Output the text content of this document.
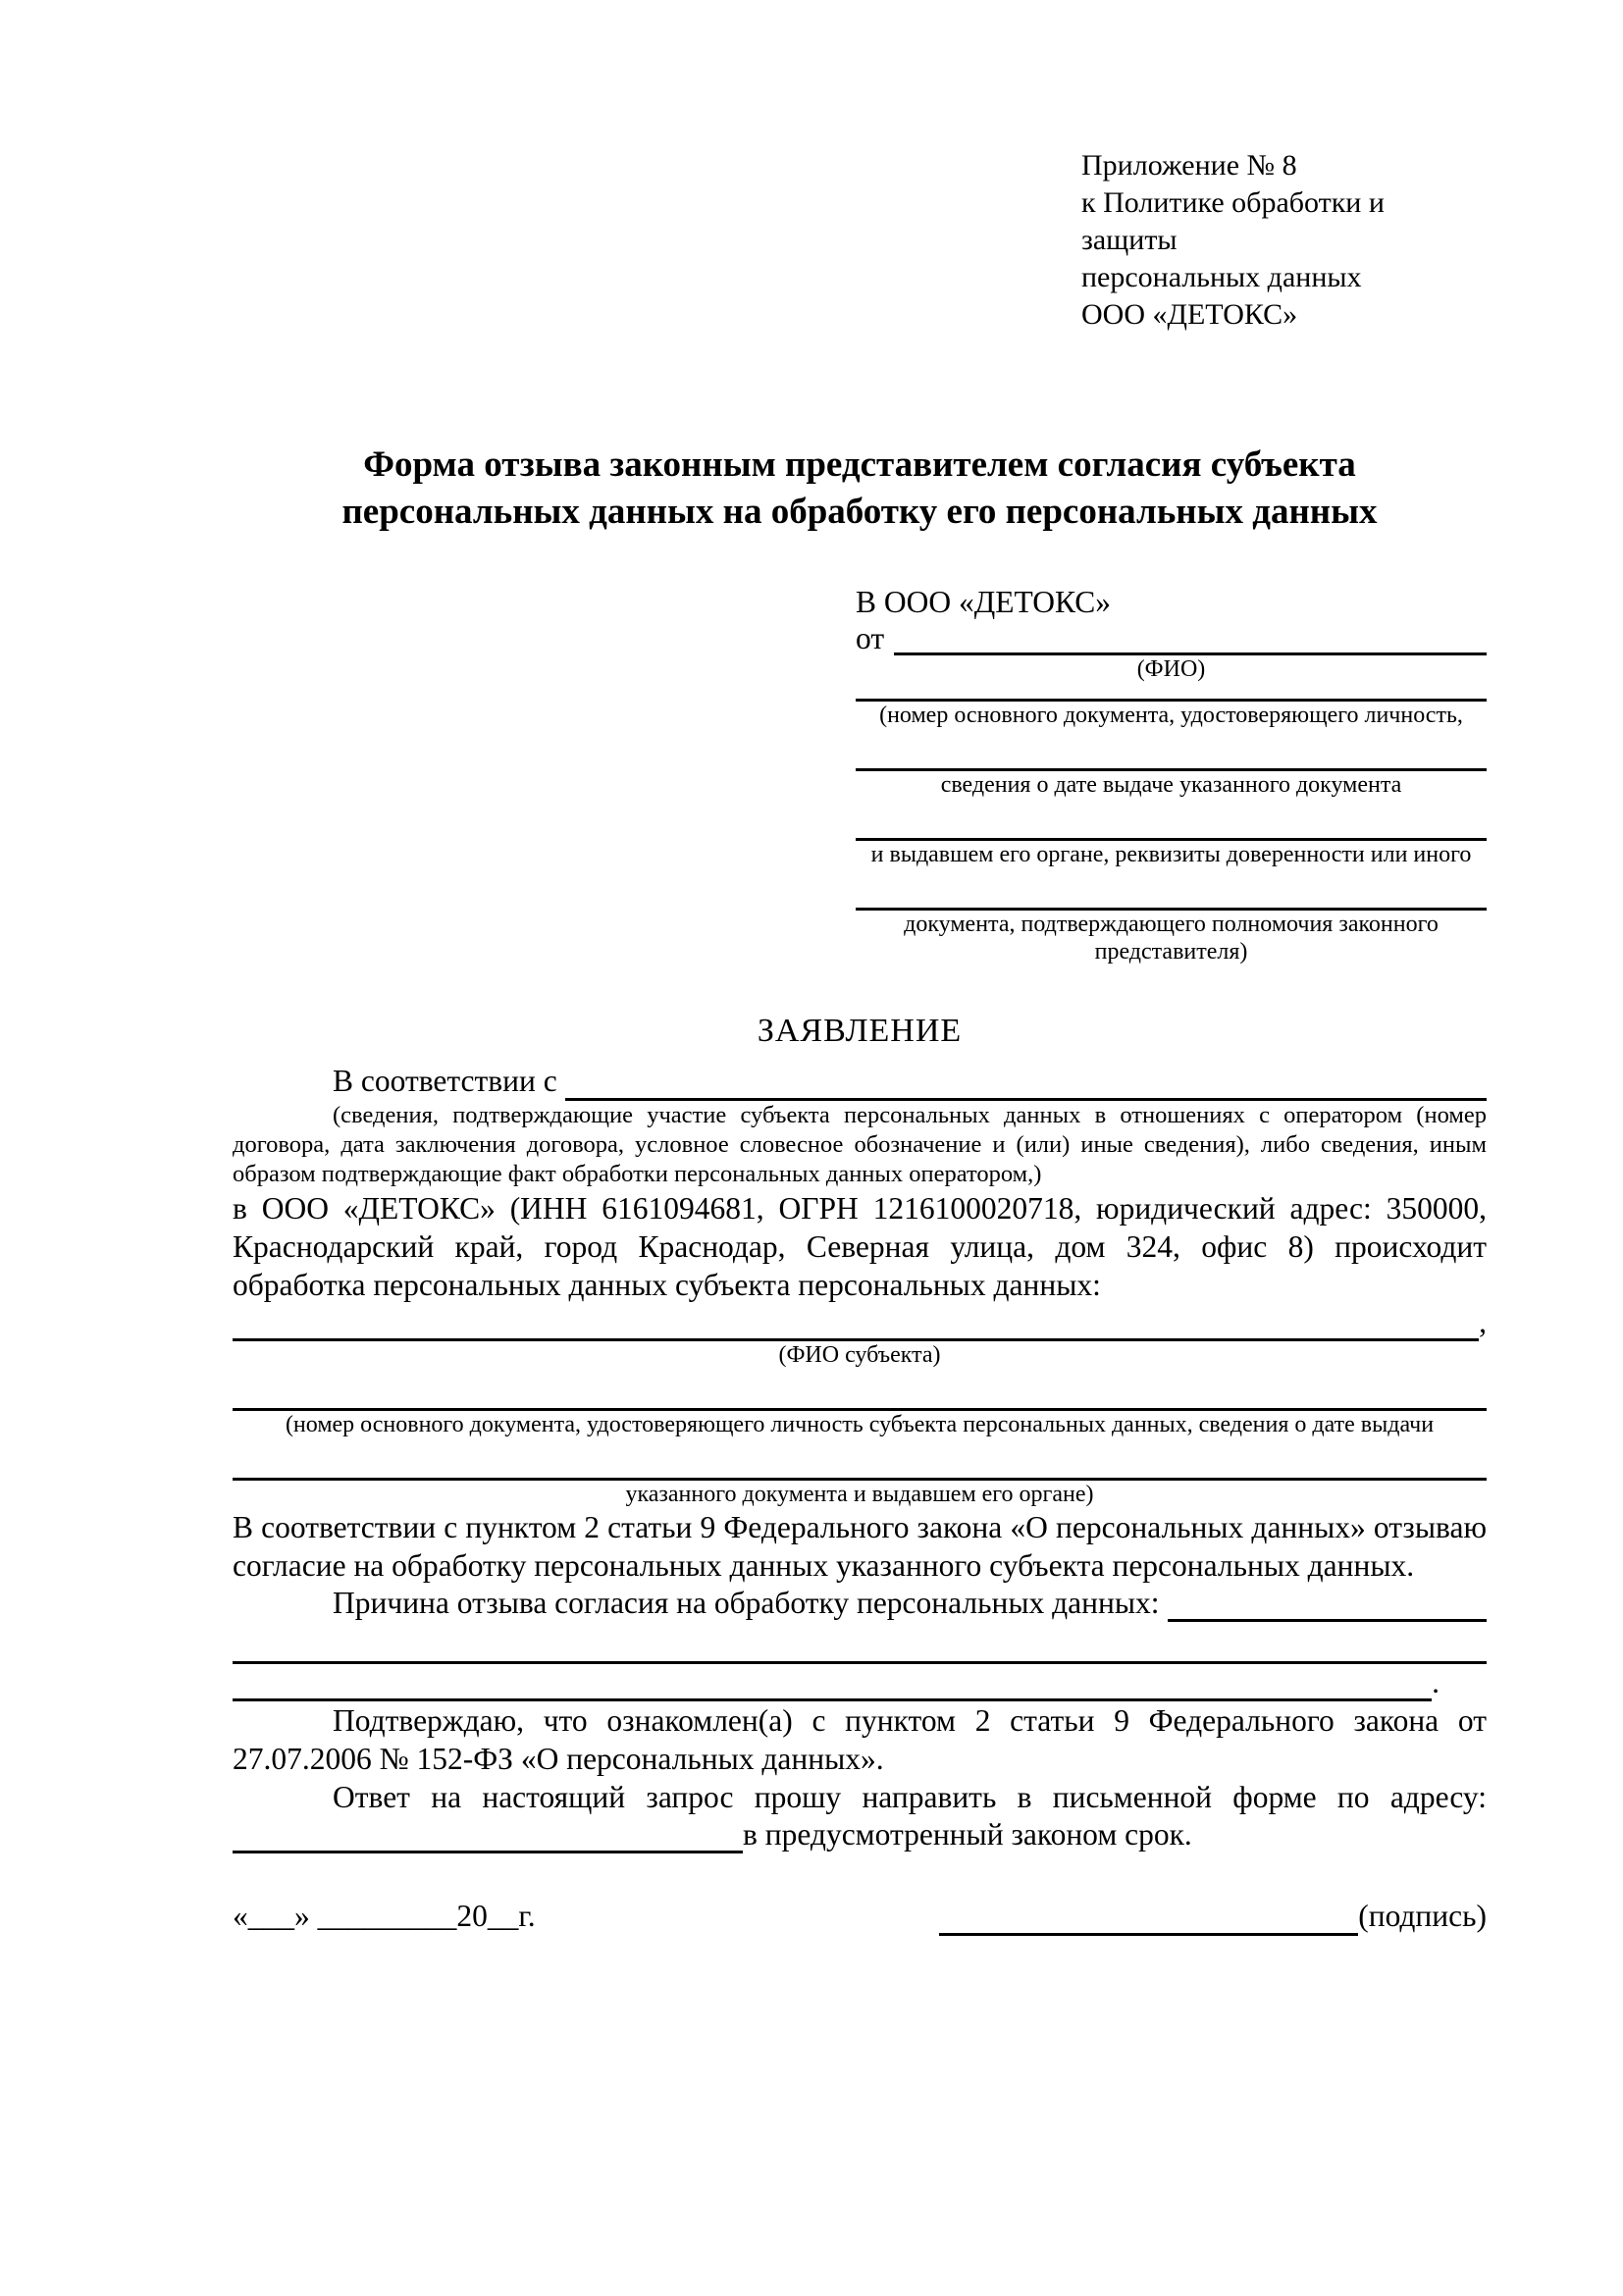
Приложение № 8
к Политике обработки и защиты
персональных данных
ООО «ДЕТОКС»
Форма отзыва законным представителем согласия субъекта
персональных данных на обработку его персональных данных
В ООО «ДЕТОКС»
от
(ФИО)
(номер основного документа, удостоверяющего личность,
сведения о дате выдаче указанного документа
и выдавшем его органе, реквизиты доверенности или иного
документа, подтверждающего полномочия законного представителя)
ЗАЯВЛЕНИЕ
В соответствии с
(сведения, подтверждающие участие субъекта персональных данных в отношениях с оператором (номер договора, дата заключения договора, условное словесное обозначение и (или) иные сведения), либо сведения, иным образом подтверждающие факт обработки персональных данных оператором,)
в ООО «ДЕТОКС» (ИНН 6161094681, ОГРН 1216100020718, юридический адрес: 350000, Краснодарский край, город Краснодар, Северная улица, дом 324, офис 8) происходит обработка персональных данных субъекта персональных данных:
,
(ФИО субъекта)
(номер основного документа, удостоверяющего личность субъекта персональных данных, сведения о дате выдачи
указанного документа и выдавшем его органе)
В соответствии с пунктом 2 статьи 9 Федерального закона «О персональных данных» отзываю согласие на обработку персональных данных указанного субъекта персональных данных.
Причина отзыва согласия на обработку персональных данных:
.
Подтверждаю, что ознакомлен(а) с пунктом 2 статьи 9 Федерального закона от 27.07.2006 № 152-ФЗ «О персональных данных».
Ответ на настоящий запрос прошу направить в письменной форме по адресу:
в предусмотренный законом срок.
«___» _________20__г.	(подпись)
